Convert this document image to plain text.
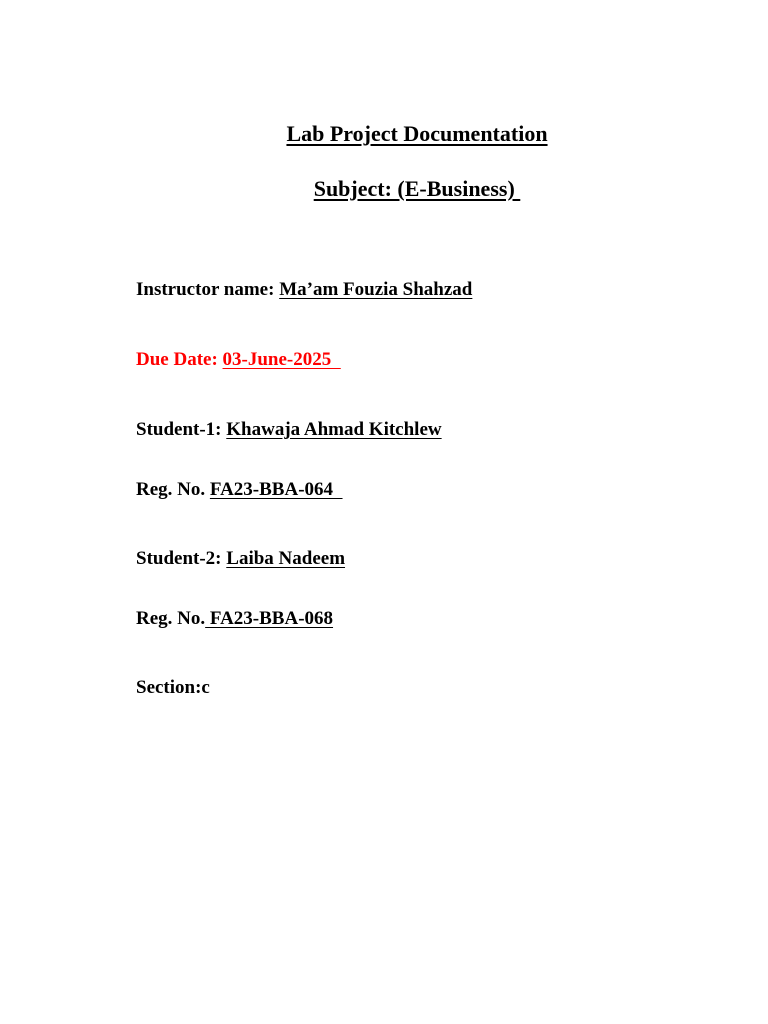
Lab Project Documentation

Subject: (E-Business)

Instructor name: Ma’am Fouzia Shahzad
Due Date: 03-June-2025
Student-1: Khawaja Ahmad Kitchlew
Reg. No. FA23-BBA-064
Student-2: Laiba Nadeem
Reg. No. FA23-BBA-068
Section:c
